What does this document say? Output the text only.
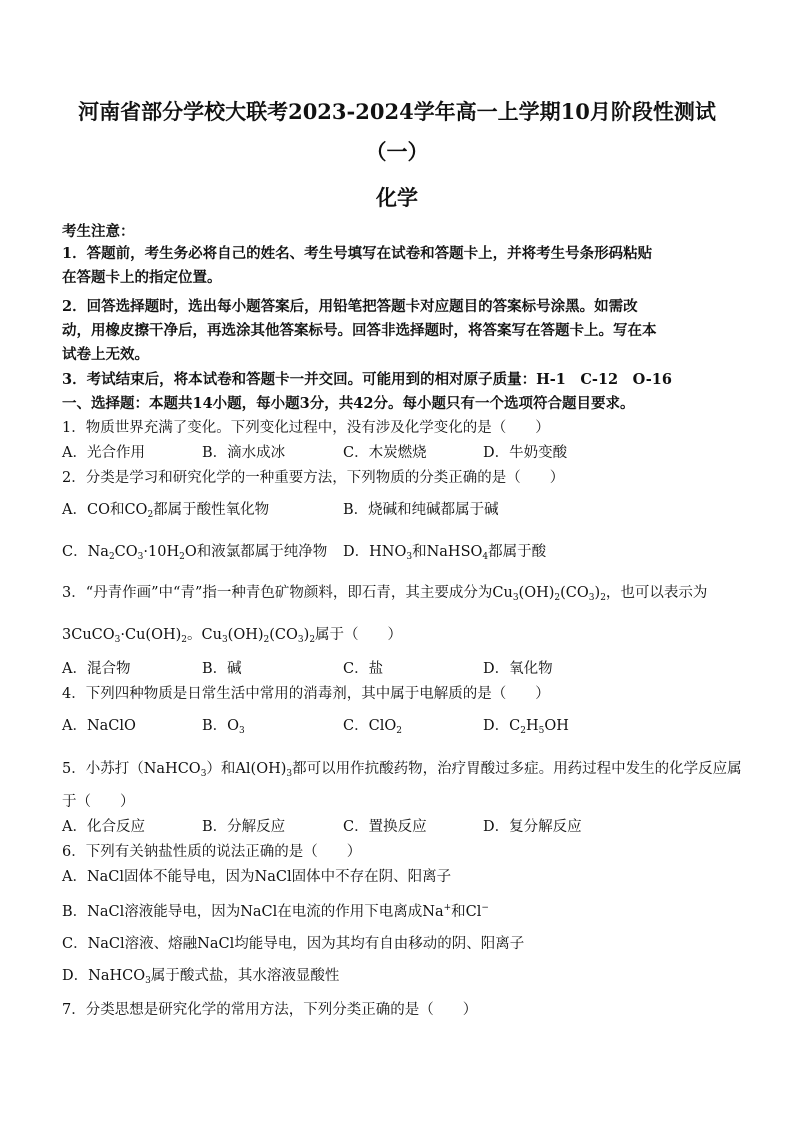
河南省部分学校大联考2023-2024学年高一上学期10月阶段性测试
（一）
化学
考生注意：
1．答题前，考生务必将自己的姓名、考生号填写在试卷和答题卡上，并将考生号条形码粘贴
在答题卡上的指定位置。
2．回答选择题时，选出每小题答案后，用铅笔把答题卡对应题目的答案标号涂黑。如需改
动，用橡皮擦干净后，再选涂其他答案标号。回答非选择题时，将答案写在答题卡上。写在本
试卷上无效。
3．考试结束后，将本试卷和答题卡一并交回。可能用到的相对原子质量：H-1　C-12　O-16
一、选择题：本题共14小题，每小题3分，共42分。每小题只有一个选项符合题目要求。
1．物质世界充满了变化。下列变化过程中，没有涉及化学变化的是（　　）
A．光合作用	B．滴水成冰	C．木炭燃烧	D．牛奶变酸
2．分类是学习和研究化学的一种重要方法，下列物质的分类正确的是（　　）
A．CO和$CO_2$都属于酸性氧化物	B．烧碱和纯碱都属于碱
C．$Na_2CO_3\cdot 10H_2O$和液氯都属于纯净物 D．$HNO_3$和NaHSO$_4$都属于酸
3．“丹青作画”中“青”指一种青色矿物颜料，即石青，其主要成分为$Cu_3(OH)_2(CO_3)_2$，也可以表示为
$3CuCO_3\cdot Cu(OH)_2$。$Cu_3(OH)_2(CO_3)_2$属于（　　）
A．混合物	B．碱	C．盐	D．氧化物
4．下列四种物质是日常生活中常用的消毒剂，其中属于电解质的是（　　）
A．NaClO	B．$O_3$	C．ClO$_2$	D．$C_2H_5OH$
5．小苏打（NaHCO$_3$）和$Al(OH)_3$都可以用作抗酸药物，治疗胃酸过多症。用药过程中发生的化学反应属
于（　　）
A．化合反应	B．分解反应	C．置换反应	D．复分解反应
6．下列有关钠盐性质的说法正确的是（　　）
A．NaCl固体不能导电，因为NaCl固体中不存在阴、阳离子
B．NaCl溶液能导电，因为NaCl在电流的作用下电离成Na+和Cl−
C．NaCl溶液、熔融NaCl均能导电，因为其均有自由移动的阴、阳离子
D．NaHCO$_3$属于酸式盐，其水溶液显酸性
7．分类思想是研究化学的常用方法，下列分类正确的是（　　）
